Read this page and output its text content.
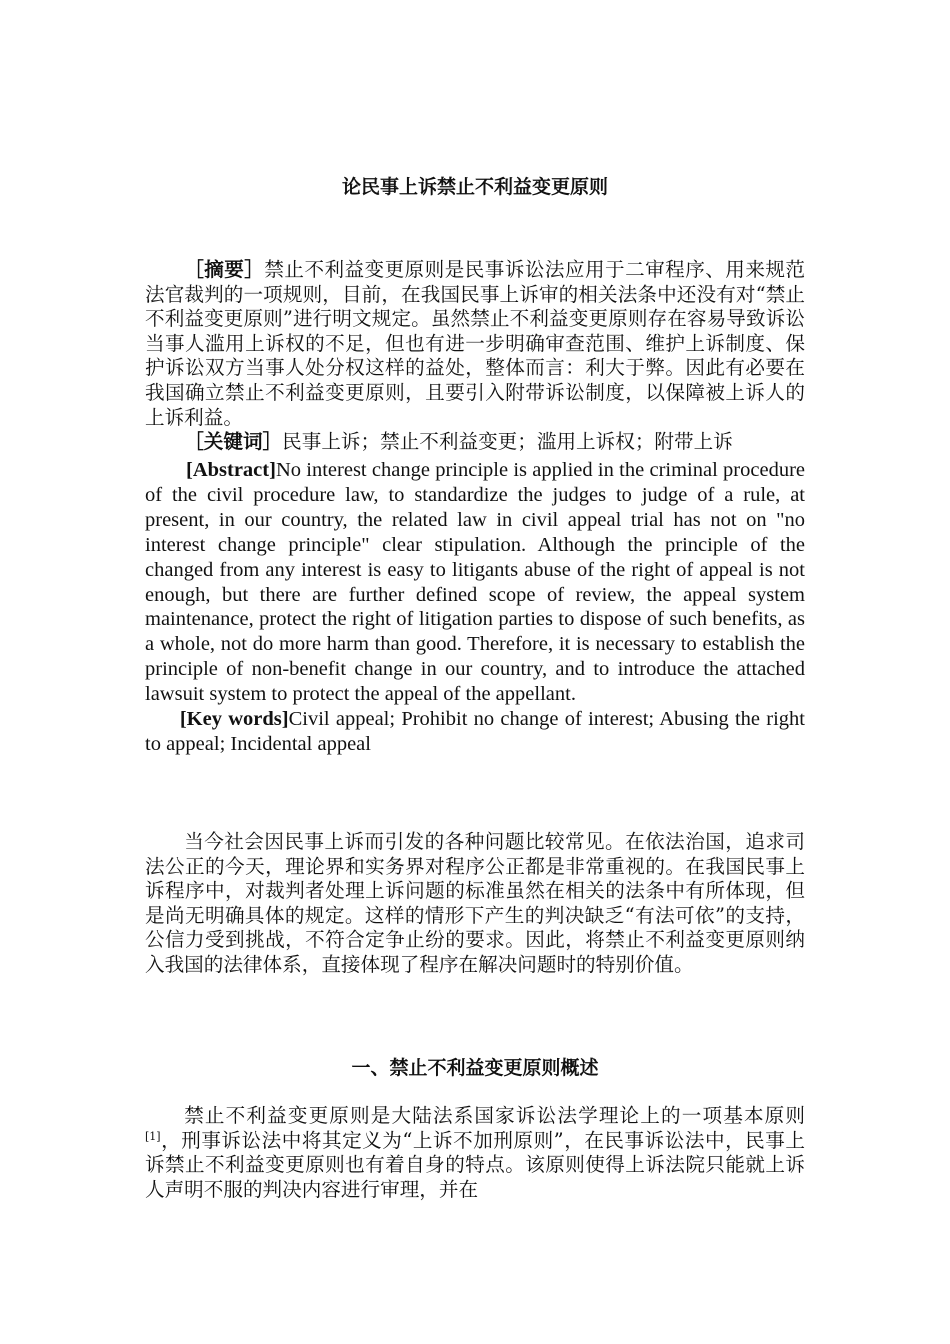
论民事上诉禁止不利益变更原则

［摘要］禁止不利益变更原则是民事诉讼法应用于二审程序、用来规范法官裁判的一项规则，目前，在我国民事上诉审的相关法条中还没有对“禁止不利益变更原则”进行明文规定。虽然禁止不利益变更原则存在容易导致诉讼当事人滥用上诉权的不足，但也有进一步明确审查范围、维护上诉制度、保护诉讼双方当事人处分权这样的益处，整体而言：利大于弊。因此有必要在我国确立禁止不利益变更原则，且要引入附带诉讼制度，以保障被上诉人的上诉利益。

［关键词］民事上诉；禁止不利益变更；滥用上诉权；附带上诉

[Abstract]No interest change principle is applied in the criminal procedure of the civil procedure law, to standardize the judges to judge of a rule, at present, in our country, the related law in civil appeal trial has not on "no interest change principle" clear stipulation. Although the principle of the changed from any interest is easy to litigants abuse of the right of appeal is not enough, but there are further defined scope of review, the appeal system maintenance, protect the right of litigation parties to dispose of such benefits, as a whole, not do more harm than good. Therefore, it is necessary to establish the principle of non-benefit change in our country, and to introduce the attached lawsuit system to protect the appeal of the appellant.

[Key words]Civil appeal; Prohibit no change of interest; Abusing the right to appeal; Incidental appeal

当今社会因民事上诉而引发的各种问题比较常见。在依法治国，追求司法公正的今天，理论界和实务界对程序公正都是非常重视的。在我国民事上诉程序中，对裁判者处理上诉问题的标准虽然在相关的法条中有所体现，但是尚无明确具体的规定。这样的情形下产生的判决缺乏“有法可依”的支持，公信力受到挑战，不符合定争止纷的要求。因此，将禁止不利益变更原则纳入我国的法律体系，直接体现了程序在解决问题时的特别价值。

一、禁止不利益变更原则概述

禁止不利益变更原则是大陆法系国家诉讼法学理论上的一项基本原则[1]，刑事诉讼法中将其定义为“上诉不加刑原则”，在民事诉讼法中，民事上诉禁止不利益变更原则也有着自身的特点。该原则使得上诉法院只能就上诉人声明不服的判决内容进行审理，并在
